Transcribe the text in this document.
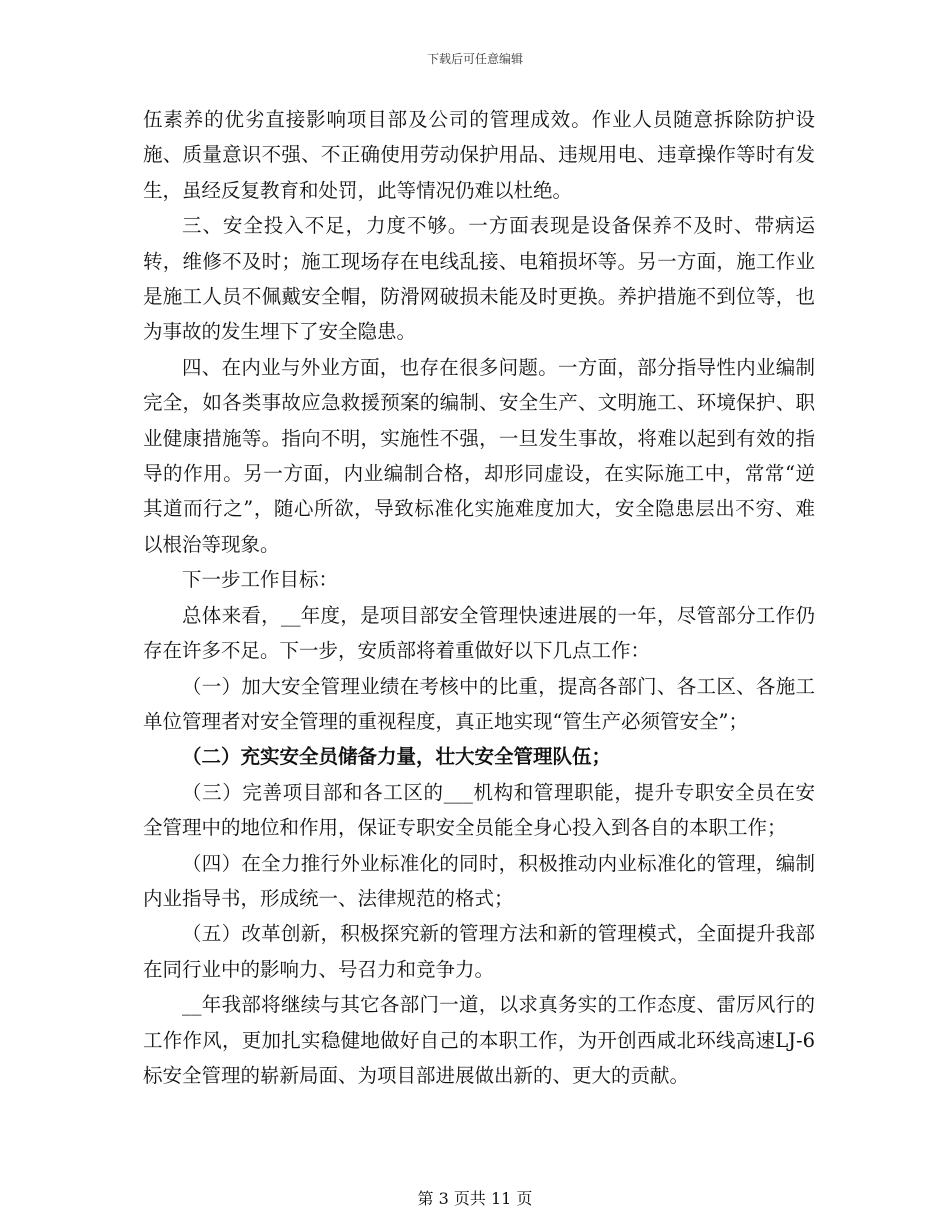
下载后可任意编辑

伍素养的优劣直接影响项目部及公司的管理成效。作业人员随意拆除防护设施、质量意识不强、不正确使用劳动保护用品、违规用电、违章操作等时有发生，虽经反复教育和处罚，此等情况仍难以杜绝。

三、安全投入不足，力度不够。一方面表现是设备保养不及时、带病运转，维修不及时；施工现场存在电线乱接、电箱损坏等。另一方面，施工作业是施工人员不佩戴安全帽，防滑网破损未能及时更换。养护措施不到位等，也为事故的发生埋下了安全隐患。

四、在内业与外业方面，也存在很多问题。一方面，部分指导性内业编制完全，如各类事故应急救援预案的编制、安全生产、文明施工、环境保护、职业健康措施等。指向不明，实施性不强，一旦发生事故，将难以起到有效的指导的作用。另一方面，内业编制合格，却形同虚设，在实际施工中，常常“逆其道而行之”，随心所欲，导致标准化实施难度加大，安全隐患层出不穷、难以根治等现象。

下一步工作目标：

总体来看，__年度，是项目部安全管理快速进展的一年，尽管部分工作仍存在许多不足。下一步，安质部将着重做好以下几点工作：

（一）加大安全管理业绩在考核中的比重，提高各部门、各工区、各施工单位管理者对安全管理的重视程度，真正地实现“管生产必须管安全”；

（二）充实安全员储备力量，壮大安全管理队伍；

（三）完善项目部和各工区的___机构和管理职能，提升专职安全员在安全管理中的地位和作用，保证专职安全员能全身心投入到各自的本职工作；

（四）在全力推行外业标准化的同时，积极推动内业标准化的管理，编制内业指导书，形成统一、法律规范的格式；

（五）改革创新，积极探究新的管理方法和新的管理模式，全面提升我部在同行业中的影响力、号召力和竞争力。

__年我部将继续与其它各部门一道，以求真务实的工作态度、雷厉风行的工作作风，更加扎实稳健地做好自己的本职工作，为开创西咸北环线高速LJ-6标安全管理的崭新局面、为项目部进展做出新的、更大的贡献。

第 3 页共 11 页
